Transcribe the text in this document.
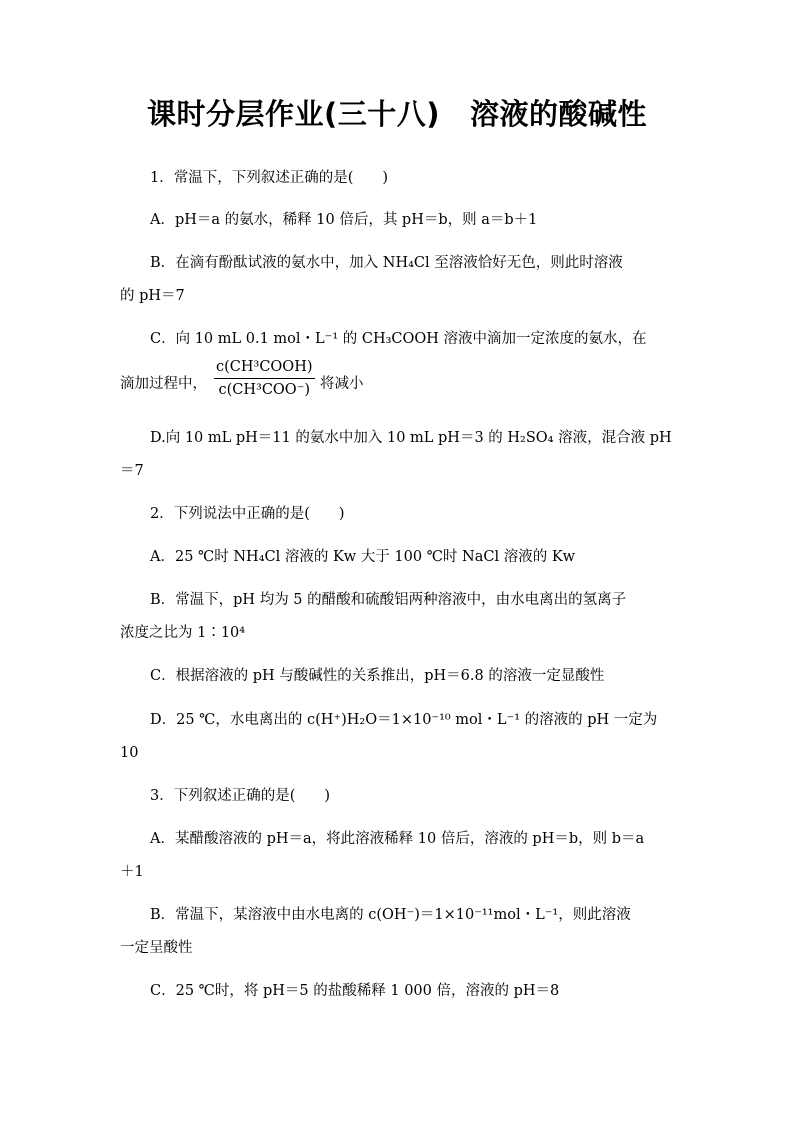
课时分层作业(三十八) 溶液的酸碱性
1．常温下，下列叙述正确的是(　　)
A．pH＝a 的氨水，稀释 10 倍后，其 pH＝b，则 a＝b＋1
B．在滴有酚酞试液的氨水中，加入 NH₄Cl 至溶液恰好无色，则此时溶液
的 pH＝7
C．向 10 mL 0.1 mol・L⁻¹ 的 CH₃COOH 溶液中滴加一定浓度的氨水，在
滴加过程中，
c(CH³COOH)
c(CH³COO⁻) 将减小
D.向 10 mL pH＝11 的氨水中加入 10 mL pH＝3 的 H₂SO₄ 溶液，混合液 pH
＝7
2．下列说法中正确的是(　　)
A．25 ℃时 NH₄Cl 溶液的 Kw 大于 100 ℃时 NaCl 溶液的 Kw
B．常温下，pH 均为 5 的醋酸和硫酸铝两种溶液中，由水电离出的氢离子
浓度之比为 1∶10⁴
C．根据溶液的 pH 与酸碱性的关系推出，pH＝6.8 的溶液一定显酸性
D．25 ℃，水电离出的 c(H⁺)H₂O＝1×10⁻¹⁰ mol・L⁻¹ 的溶液的 pH 一定为
10
3．下列叙述正确的是(　　)
A．某醋酸溶液的 pH＝a，将此溶液稀释 10 倍后，溶液的 pH＝b，则 b＝a
＋1
B．常温下，某溶液中由水电离的 c(OH⁻)＝1×10⁻¹¹mol・L⁻¹，则此溶液
一定呈酸性
C．25 ℃时，将 pH＝5 的盐酸稀释 1 000 倍，溶液的 pH＝8
